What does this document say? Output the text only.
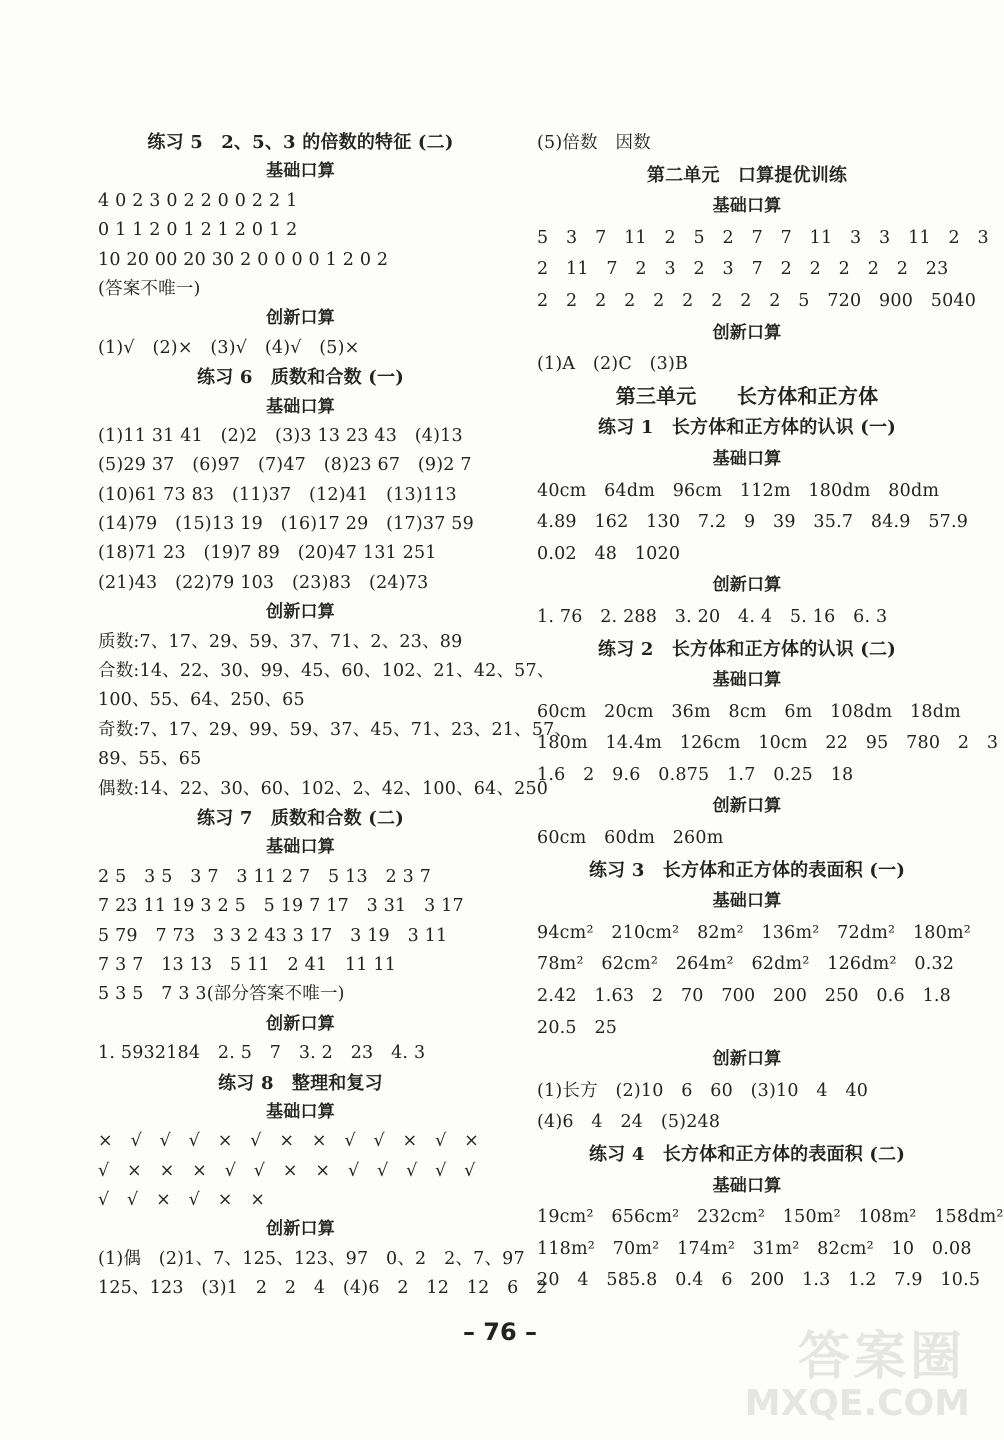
练习 5　2、5、3 的倍数的特征 (二)
基础口算
4 0 2 3 0 2 2 0 0 2 2 1
0 1 1 2 0 1 2 1 2 0 1 2
10 20 00 20 30 2 0 0 0 0 1 2 0 2
(答案不唯一)
创新口算
(1)√　(2)×　(3)√　(4)√　(5)×
练习 6　质数和合数 (一)
基础口算
(1)11 31 41　(2)2　(3)3 13 23 43　(4)13
(5)29 37　(6)97　(7)47　(8)23 67　(9)2 7
(10)61 73 83　(11)37　(12)41　(13)113
(14)79　(15)13 19　(16)17 29　(17)37 59
(18)71 23　(19)7 89　(20)47 131 251
(21)43　(22)79 103　(23)83　(24)73
创新口算
质数:7、17、29、59、37、71、2、23、89
合数:14、22、30、99、45、60、102、21、42、57、
100、55、64、250、65
奇数:7、17、29、99、59、37、45、71、23、21、57、
89、55、65
偶数:14、22、30、60、102、2、42、100、64、250
练习 7　质数和合数 (二)
基础口算
2 5　3 5　3 7　3 11 2 7　5 13　2 3 7
7 23 11 19 3 2 5　5 19 7 17　3 31　3 17
5 79　7 73　3 3 2 43 3 17　3 19　3 11
7 3 7　13 13　5 11　2 41　11 11
5 3 5　7 3 3(部分答案不唯一)
创新口算
1. 5932184　2. 5　7　3. 2　23　4. 3
练习 8　整理和复习
基础口算
×　√　√　√　×　√　×　×　√　√　×　√　×
√　×　×　×　√　√　×　×　√　√　√　√　√
√　√　×　√　×　×
创新口算
(1)偶　(2)1、7、125、123、97　0、2　2、7、97
125、123　(3)1　2　2　4　(4)6　2　12　12　6　2
(5)倍数　因数
第二单元　口算提优训练
基础口算
5　3　7　11　2　5　2　7　7　11　3　3　11　2　3
2　11　7　2　3　2　3　7　2　2　2　2　2　23
2　2　2　2　2　2　2　2　2　5　720　900　5040
创新口算
(1)A　(2)C　(3)B
第三单元　　长方体和正方体
练习 1　长方体和正方体的认识 (一)
基础口算
40cm　64dm　96cm　112m　180dm　80dm
4.89　162　130　7.2　9　39　35.7　84.9　57.9
0.02　48　1020
创新口算
1. 76　2. 288　3. 20　4. 4　5. 16　6. 3
练习 2　长方体和正方体的认识 (二)
基础口算
60cm　20cm　36m　8cm　6m　108dm　18dm
180m　14.4m　126cm　10cm　22　95　780　2　3
1.6　2　9.6　0.875　1.7　0.25　18
创新口算
60cm　60dm　260m
练习 3　长方体和正方体的表面积 (一)
基础口算
94cm²　210cm²　82m²　136m²　72dm²　180m²
78m²　62cm²　264m²　62dm²　126dm²　0.32
2.42　1.63　2　70　700　200　250　0.6　1.8
20.5　25
创新口算
(1)长方　(2)10　6　60　(3)10　4　40
(4)6　4　24　(5)248
练习 4　长方体和正方体的表面积 (二)
基础口算
19cm²　656cm²　232cm²　150m²　108m²　158dm²
118m²　70m²　174m²　31m²　82cm²　10　0.08
20　4　585.8　0.4　6　200　1.3　1.2　7.9　10.5
– 76 –	答案圈
MXQE.COM
